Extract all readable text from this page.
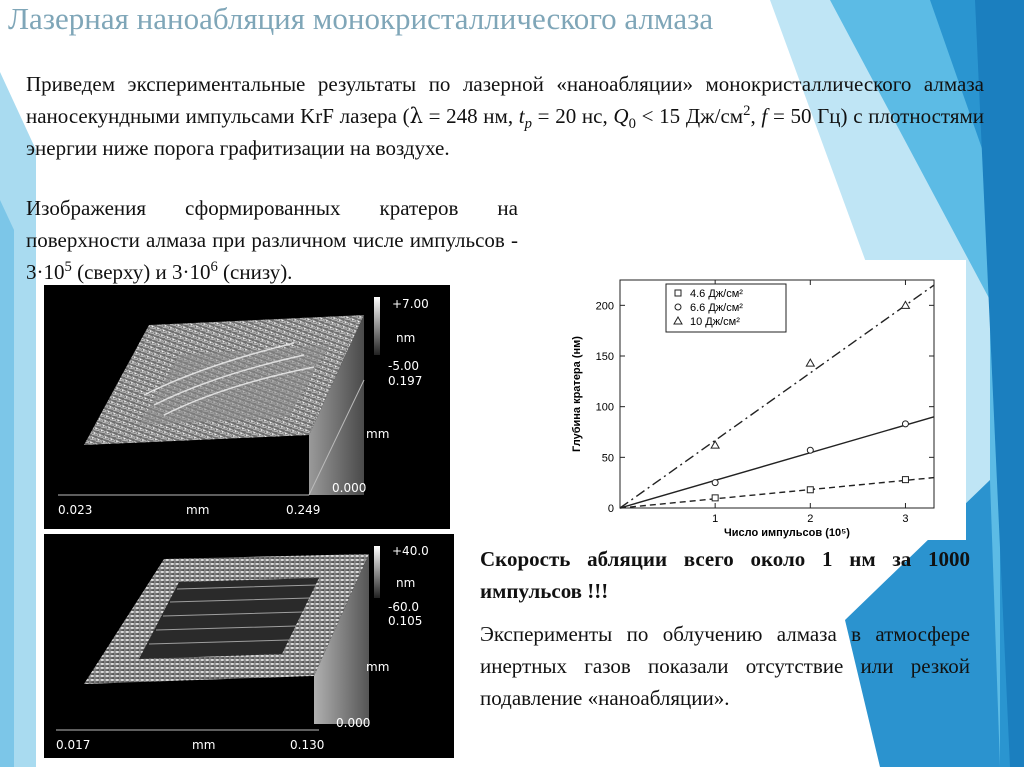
Лазерная наноабляция монокристаллического алмаза
Приведем экспериментальные результаты по лазерной «наноабляции» монокристаллического алмаза наносекундными импульсами KrF лазера (λ = 248 нм, $t_p = 20$ нс, $Q_0 < 15$ $Дж/см^2$, f = 50 Гц) с плотностями энергии ниже порога графитизации на воздухе.
Изображения сформированных кратеров на поверхности алмаза при различном числе импульсов - $3\cdot 10^5$ (сверху) и $3\cdot 10^6$ (снизу).
+7.00
nm
-5.00
0.197
mm
0.000
0.023	mm	0.249
+40.0
nm
-60.0
0.105
mm
0.000
0.017	mm	0.130
0
50
100
150
200
1	2	3
Число импульсов (10⁵)
Глубина кратера (нм)
4.6 Дж/см²
6.6 Дж/см²
10 Дж/см²
Скорость абляции всего около 1 нм за 1000 импульсов !!!
Эксперименты по облучению алмаза в атмосфере инертных газов показали отсутствие или резкой подавление «наноабляции».
